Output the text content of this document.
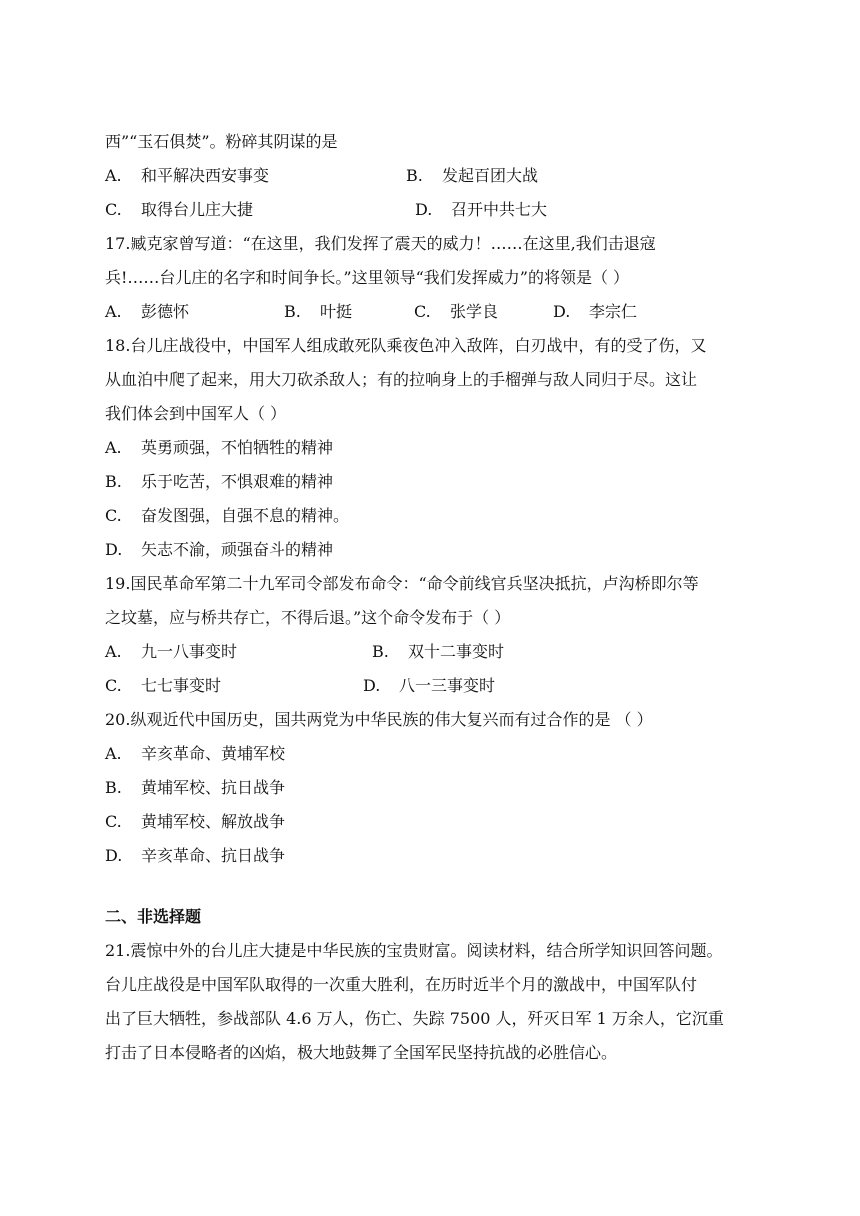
西”“玉石俱焚”。粉碎其阴谋的是
A. 和平解决西安事变	B. 发起百团大战
C. 取得台儿庄大捷	D. 召开中共七大
17.臧克家曾写道：“在这里，我们发挥了震天的威力！……在这里,我们击退寇
兵!……台儿庄的名字和时间争长。”这里领导“我们发挥威力”的将领是（ ）
A. 彭德怀	B. 叶挺	C. 张学良	D. 李宗仁
18.台儿庄战役中，中国军人组成敢死队乘夜色冲入敌阵，白刃战中，有的受了伤，又
从血泊中爬了起来，用大刀砍杀敌人；有的拉响身上的手榴弹与敌人同归于尽。这让
我们体会到中国军人（ ）
A. 英勇顽强，不怕牺牲的精神
B. 乐于吃苦，不惧艰难的精神
C. 奋发图强，自强不息的精神。
D. 矢志不渝，顽强奋斗的精神
19.国民革命军第二十九军司令部发布命令：“命令前线官兵坚决抵抗，卢沟桥即尔等
之坟墓，应与桥共存亡，不得后退。”这个命令发布于（ ）
A. 九一八事变时	B. 双十二事变时
C. 七七事变时	D. 八一三事变时
20.纵观近代中国历史，国共两党为中华民族的伟大复兴而有过合作的是 （ ）
A. 辛亥革命、黄埔军校
B. 黄埔军校、抗日战争
C. 黄埔军校、解放战争
D. 辛亥革命、抗日战争
二、非选择题
21.震惊中外的台儿庄大捷是中华民族的宝贵财富。阅读材料，结合所学知识回答问题。
台儿庄战役是中国军队取得的一次重大胜利，在历时近半个月的激战中，中国军队付
出了巨大牺牲，参战部队 4.6 万人，伤亡、失踪 7500 人，歼灭日军 1 万余人，它沉重
打击了日本侵略者的凶焰，极大地鼓舞了全国军民坚持抗战的必胜信心。
